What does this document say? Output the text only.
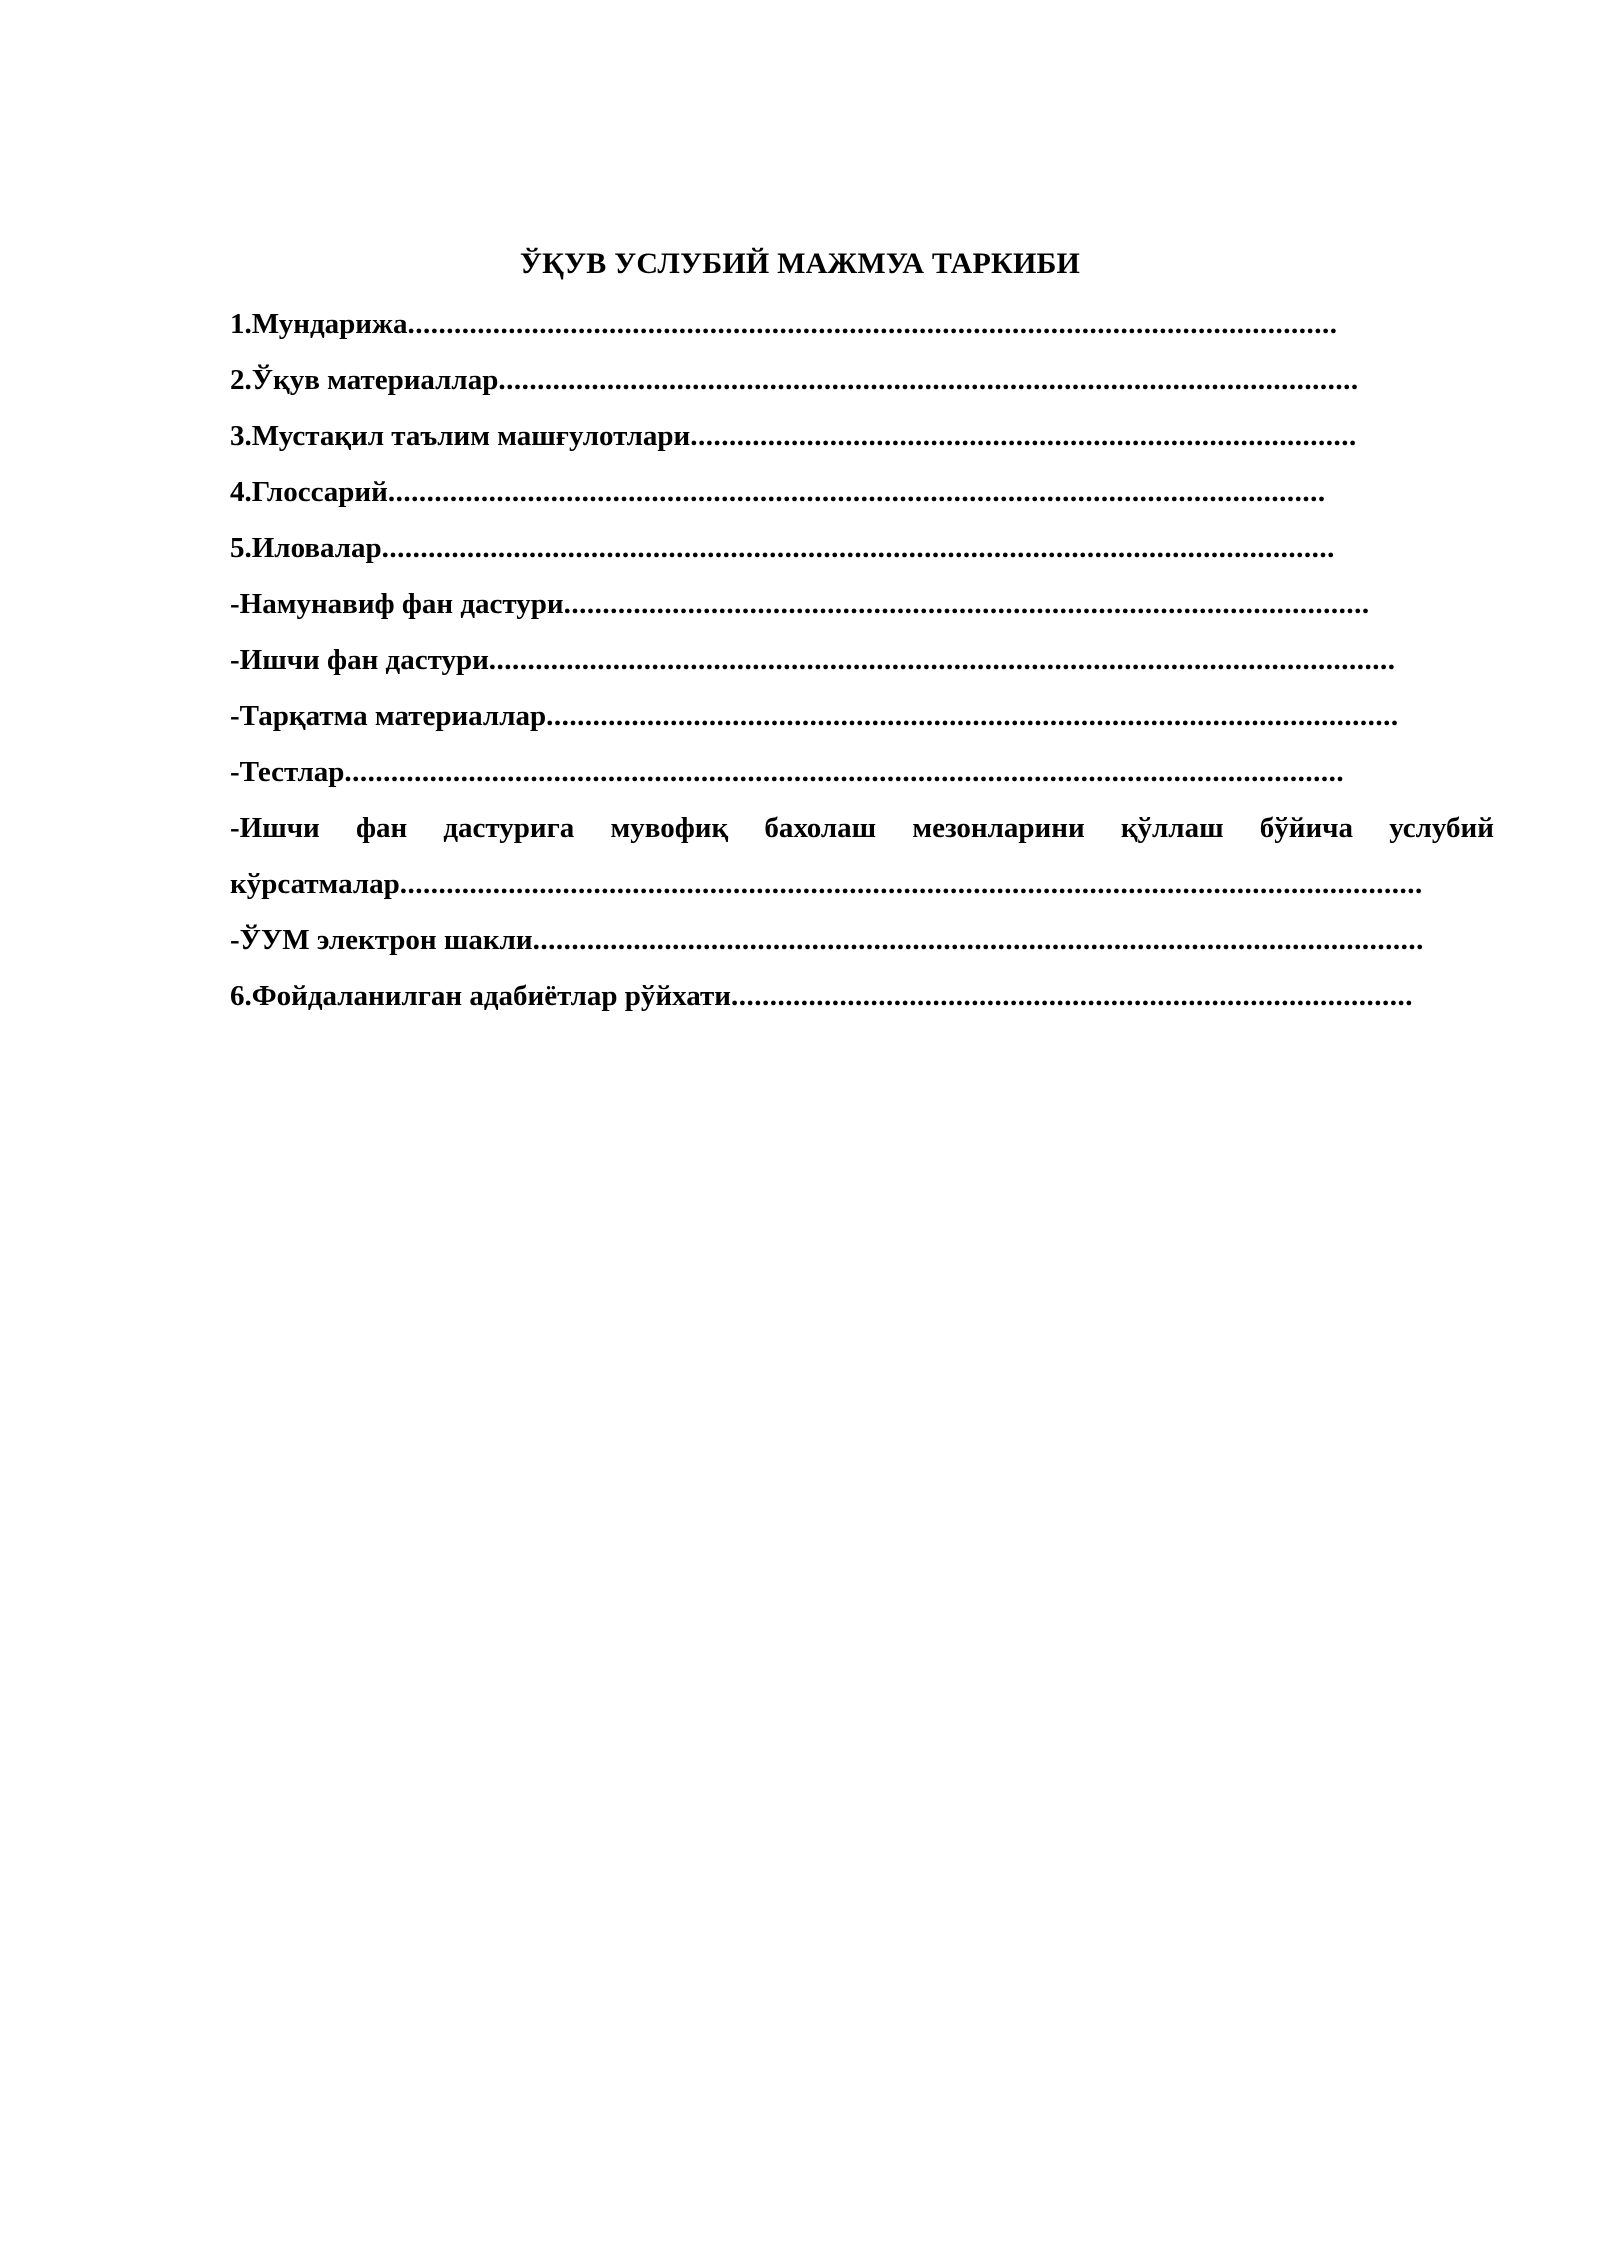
ЎҚУВ УСЛУБИЙ МАЖМУА ТАРКИБИ
1.Мундарижа........................................................................................................................
2.Ўқув материаллар...............................................................................................................
3.Мустақил таълим машғулотлари......................................................................................
4.Глоссарий.........................................................................................................................
5.Иловалар...........................................................................................................................
-Намунавиф фан дастури........................................................................................................
-Ишчи фан дастури.....................................................................................................................
-Тарқатма материаллар..............................................................................................................
-Тестлар.................................................................................................................................
-Ишчи фан дастурига мувофиқ бахолаш мезонларини қўллаш бўйича услубий
кўрсатмалар....................................................................................................................................
-ЎУМ электрон шакли...................................................................................................................
6.Фойдаланилган адабиётлар рўйхати........................................................................................
